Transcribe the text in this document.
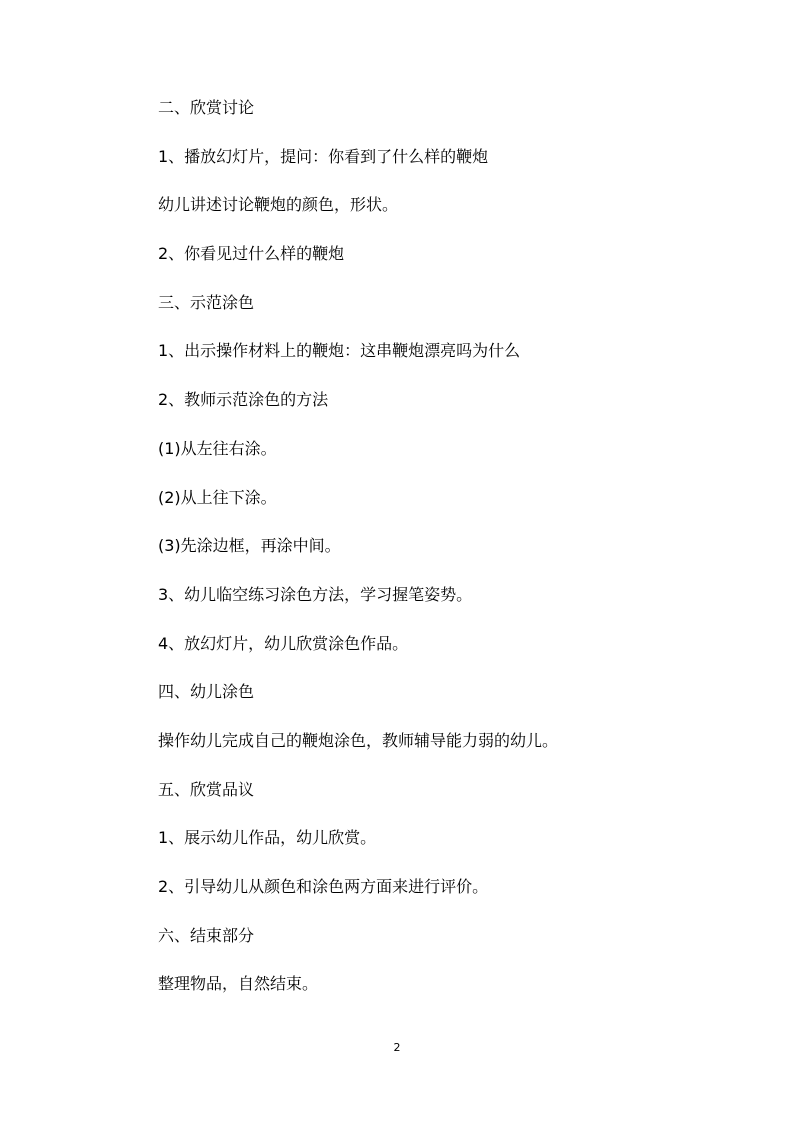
二、欣赏讨论
1、播放幻灯片，提问：你看到了什么样的鞭炮
幼儿讲述讨论鞭炮的颜色，形状。
2、你看见过什么样的鞭炮
三、示范涂色
1、出示操作材料上的鞭炮：这串鞭炮漂亮吗为什么
2、教师示范涂色的方法
(1)从左往右涂。
(2)从上往下涂。
(3)先涂边框，再涂中间。
3、幼儿临空练习涂色方法，学习握笔姿势。
4、放幻灯片，幼儿欣赏涂色作品。
四、幼儿涂色
操作幼儿完成自己的鞭炮涂色，教师辅导能力弱的幼儿。
五、欣赏品议
1、展示幼儿作品，幼儿欣赏。
2、引导幼儿从颜色和涂色两方面来进行评价。
六、结束部分
整理物品，自然结束。
2
